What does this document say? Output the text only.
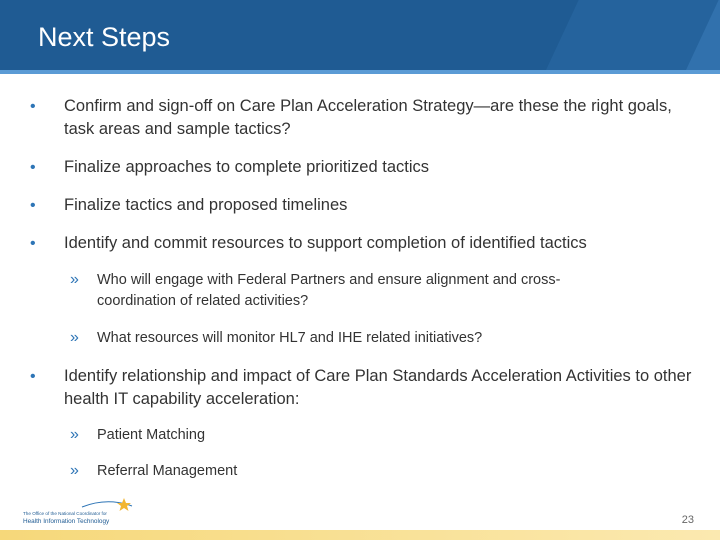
Next Steps
• Confirm and sign-off on Care Plan Acceleration Strategy—are these the right goals, task areas and sample tactics?
• Finalize approaches to complete prioritized tactics
• Finalize tactics and proposed timelines
• Identify and commit resources to support completion of identified tactics
» Who will engage with Federal Partners and ensure alignment and cross-coordination of related activities?
» What resources will monitor HL7 and IHE related initiatives?
• Identify relationship and impact of Care Plan Standards Acceleration Activities to other health IT capability acceleration:
» Patient Matching
» Referral Management
The Office of the National Coordinator for
Health Information Technology	23
